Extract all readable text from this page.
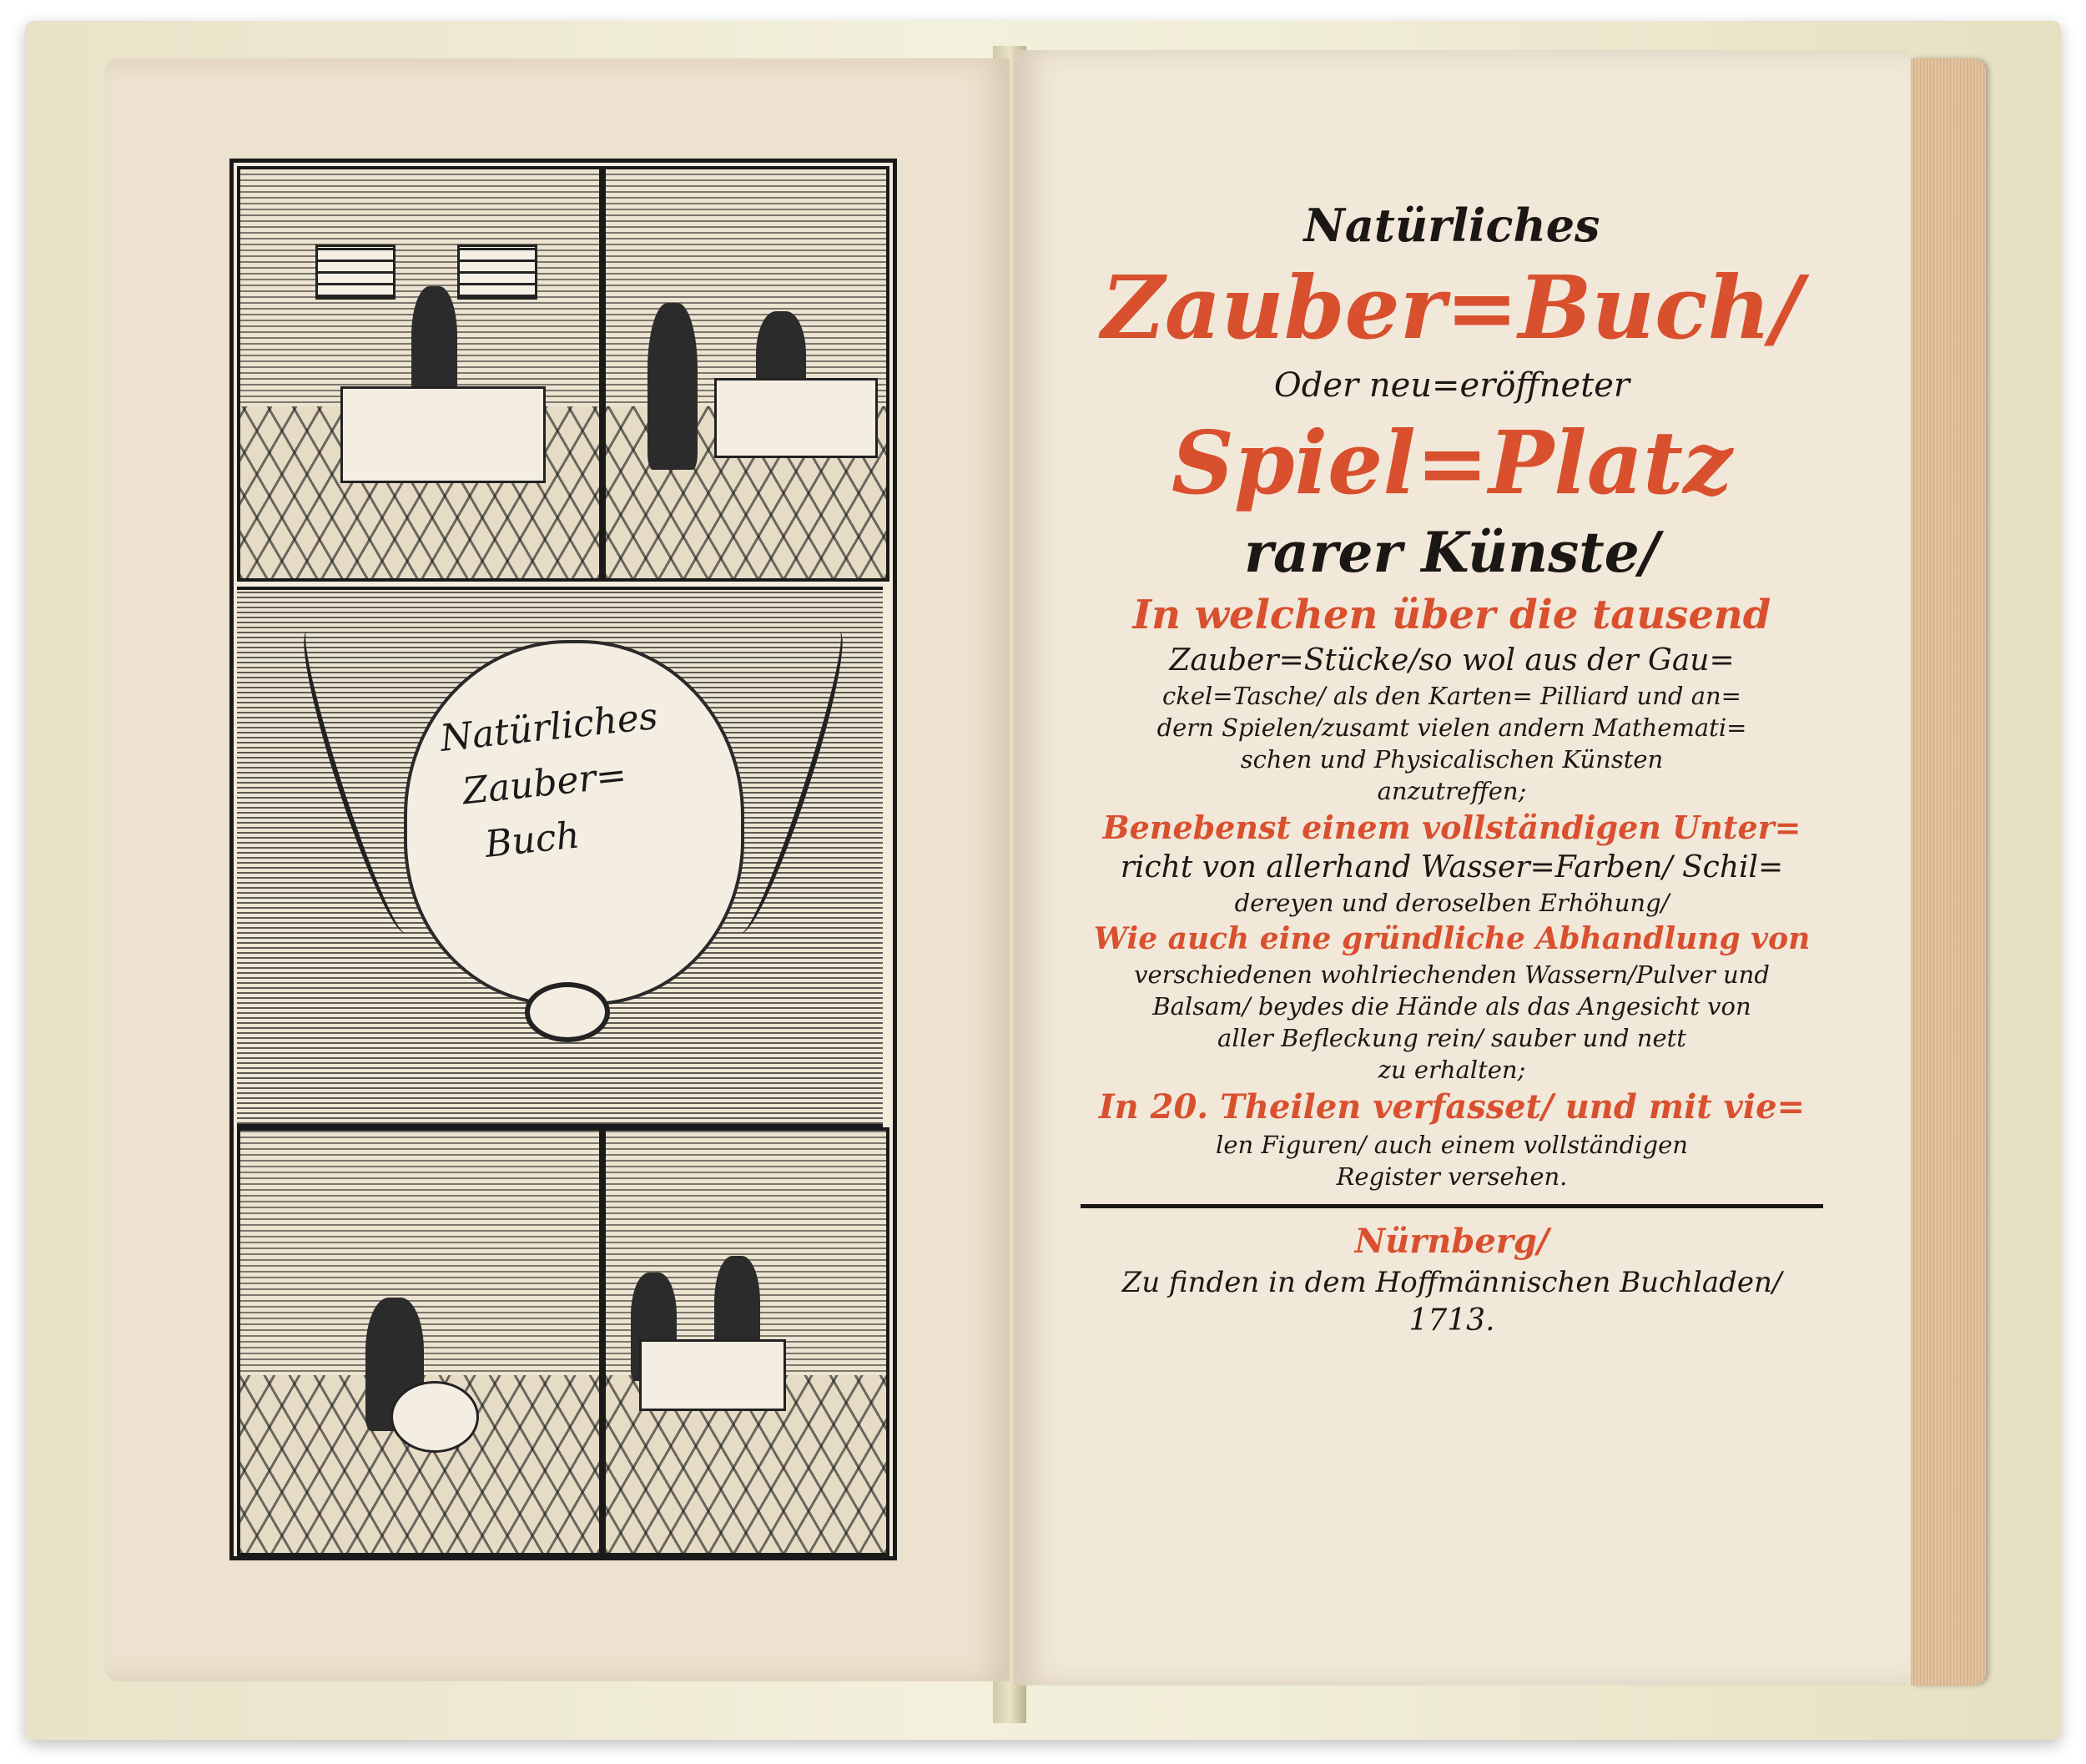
Natürliches
Zauber=
Buch
Natürliches
Zauber=Buch/
Oder neu=eröffneter
Spiel=Platz
rarer Künste/
In welchen über die tausend
Zauber=Stücke/so wol aus der Gau=
ckel=Tasche/ als den Karten= Pilliard und an=
dern Spielen/zusamt vielen andern Mathemati=
schen und Physicalischen Künsten
anzutreffen;
Benebenst einem vollständigen Unter=
richt von allerhand Wasser=Farben/ Schil=
dereyen und deroselben Erhöhung/
Wie auch eine gründliche Abhandlung von
verschiedenen wohlriechenden Wassern/Pulver und
Balsam/ beydes die Hände als das Angesicht von
aller Befleckung rein/ sauber und nett
zu erhalten;
In 20. Theilen verfasset/ und mit vie=
len Figuren/ auch einem vollständigen
Register versehen.
Nürnberg/
Zu finden in dem Hoffmännischen Buchladen/
1713.
